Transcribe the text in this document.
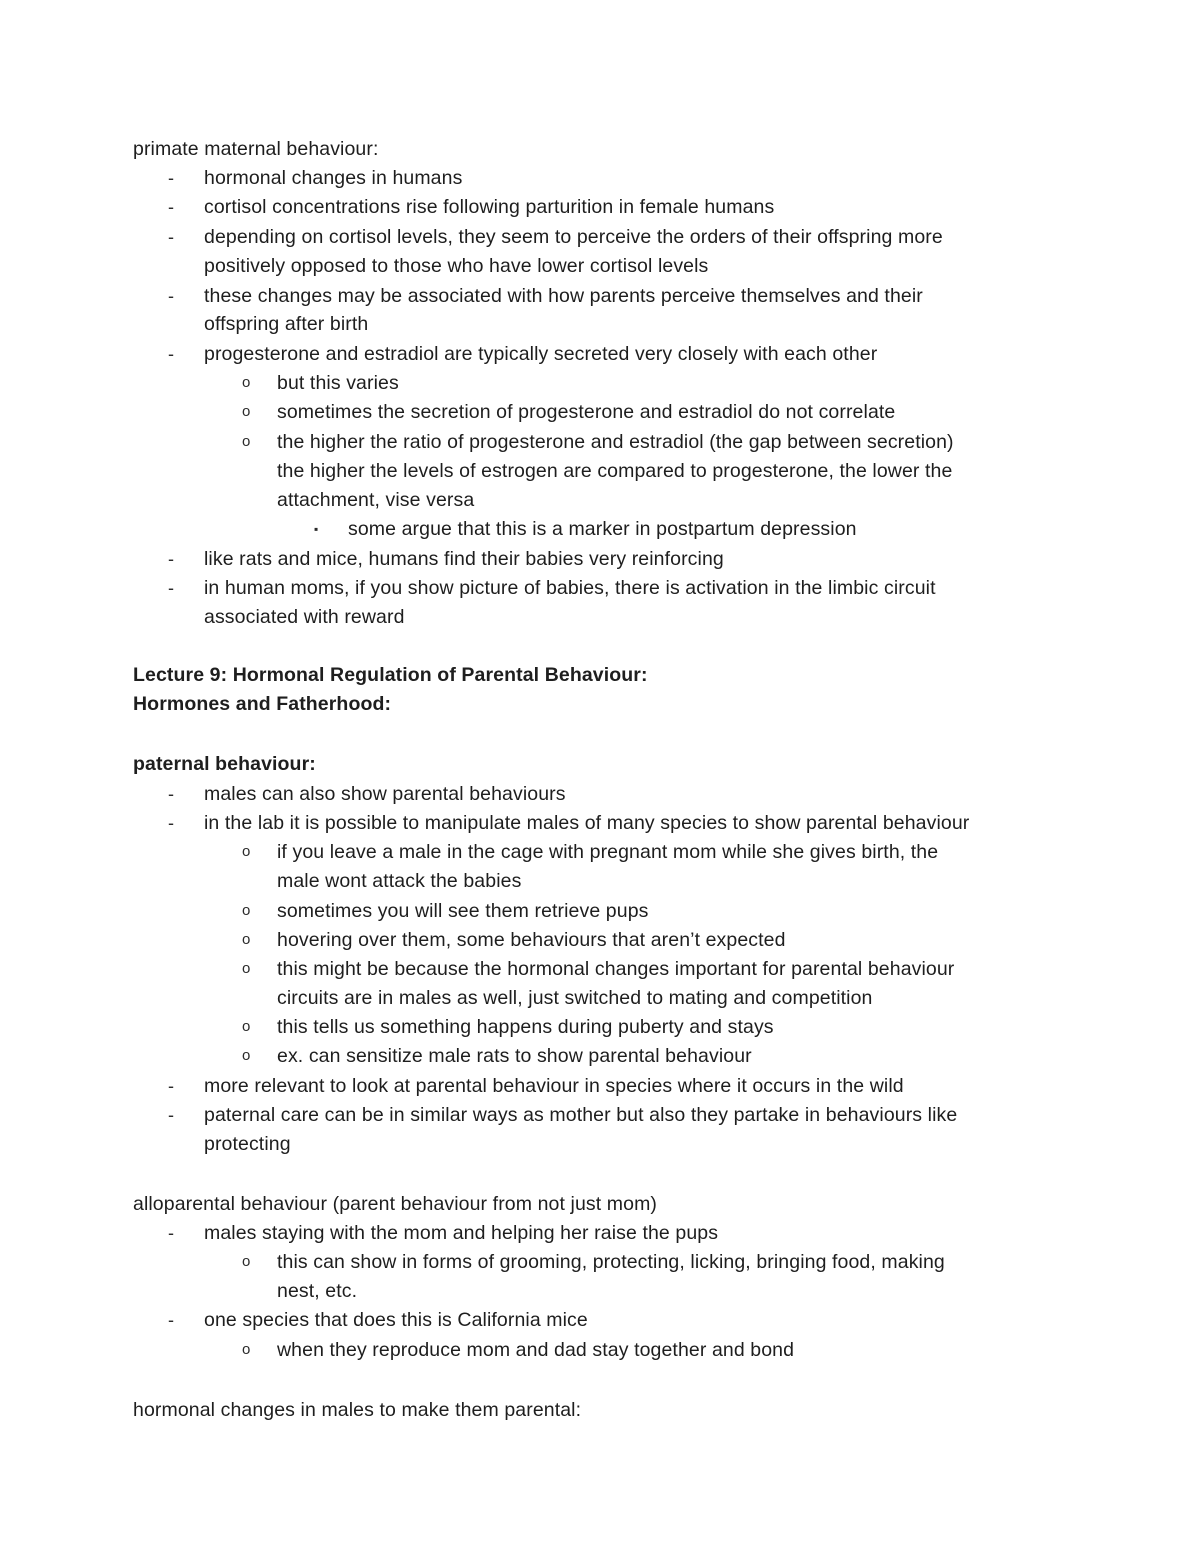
primate maternal behaviour:
- hormonal changes in humans
- cortisol concentrations rise following parturition in female humans
- depending on cortisol levels, they seem to perceive the orders of their offspring more
positively opposed to those who have lower cortisol levels
- these changes may be associated with how parents perceive themselves and their
offspring after birth
- progesterone and estradiol are typically secreted very closely with each other
o but this varies
o sometimes the secretion of progesterone and estradiol do not correlate
o the higher the ratio of progesterone and estradiol (the gap between secretion)
the higher the levels of estrogen are compared to progesterone, the lower the
attachment, vise versa
▪ some argue that this is a marker in postpartum depression
- like rats and mice, humans find their babies very reinforcing
- in human moms, if you show picture of babies, there is activation in the limbic circuit
associated with reward
Lecture 9: Hormonal Regulation of Parental Behaviour:
Hormones and Fatherhood:
paternal behaviour:
- males can also show parental behaviours
- in the lab it is possible to manipulate males of many species to show parental behaviour
o if you leave a male in the cage with pregnant mom while she gives birth, the
male wont attack the babies
o sometimes you will see them retrieve pups
o hovering over them, some behaviours that aren’t expected
o this might be because the hormonal changes important for parental behaviour
circuits are in males as well, just switched to mating and competition
o this tells us something happens during puberty and stays
o ex. can sensitize male rats to show parental behaviour
- more relevant to look at parental behaviour in species where it occurs in the wild
- paternal care can be in similar ways as mother but also they partake in behaviours like
protecting
alloparental behaviour (parent behaviour from not just mom)
- males staying with the mom and helping her raise the pups
o this can show in forms of grooming, protecting, licking, bringing food, making
nest, etc.
- one species that does this is California mice
o when they reproduce mom and dad stay together and bond
hormonal changes in males to make them parental:
